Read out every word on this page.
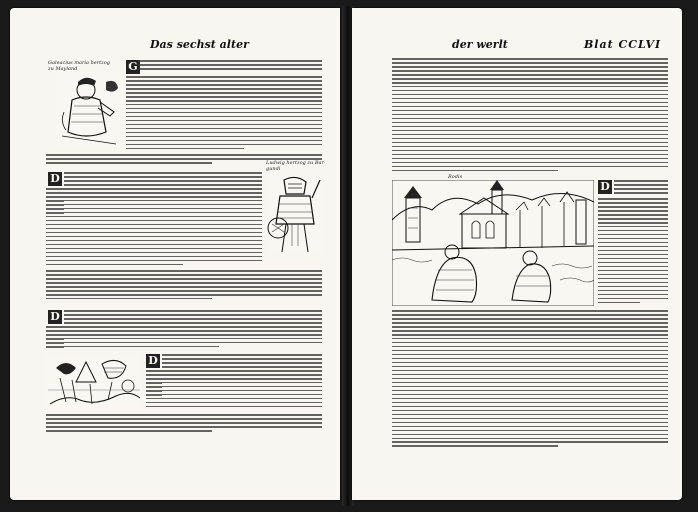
Das sechst alter
Galeacius maria hertzog
zu Mayland	G
D
Ludwig hertzog zu Bar-
gundi
D
D
der werlt	Blat CCLVI
Rodis
D
